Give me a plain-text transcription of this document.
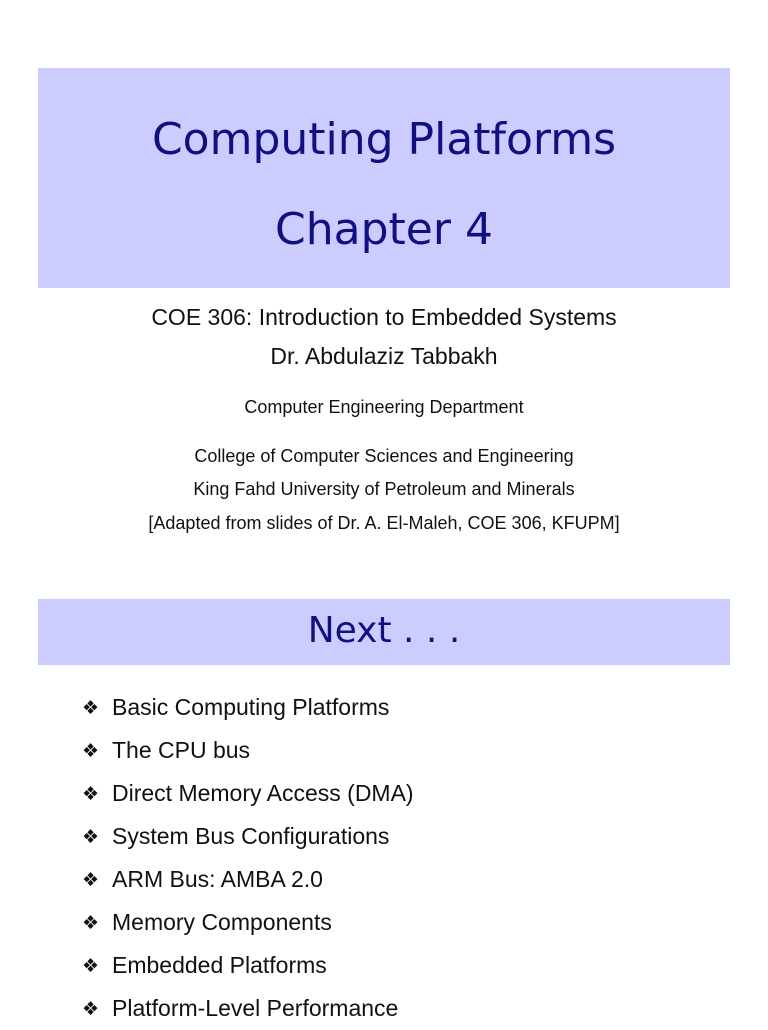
Computing Platforms
Chapter 4
COE 306: Introduction to Embedded Systems
Dr. Abdulaziz Tabbakh
Computer Engineering Department
College of Computer Sciences and Engineering
King Fahd University of Petroleum and Minerals
[Adapted from slides of Dr. A. El-Maleh, COE 306, KFUPM]
Next . . .
❖ Basic Computing Platforms
❖ The CPU bus
❖ Direct Memory Access (DMA)
❖ System Bus Configurations
❖ ARM Bus: AMBA 2.0
❖ Memory Components
❖ Embedded Platforms
❖ Platform-Level Performance
